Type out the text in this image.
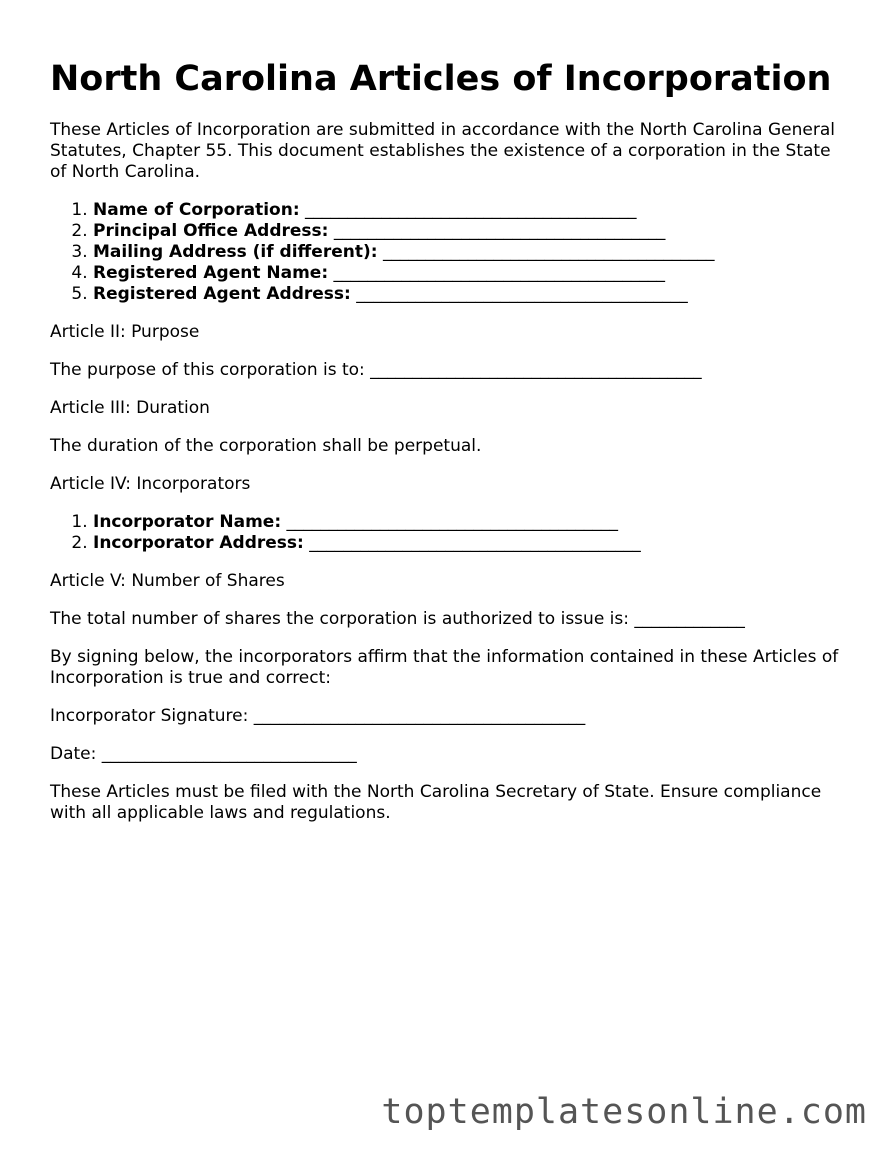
North Carolina Articles of Incorporation

These Articles of Incorporation are submitted in accordance with the North Carolina General Statutes, Chapter 55. This document establishes the existence of a corporation in the State of North Carolina.

1. Name of Corporation: _______________________________________
2. Principal Office Address: _______________________________________
3. Mailing Address (if different): _______________________________________
4. Registered Agent Name: _______________________________________
5. Registered Agent Address: _______________________________________

Article II: Purpose

The purpose of this corporation is to: _______________________________________

Article III: Duration

The duration of the corporation shall be perpetual.

Article IV: Incorporators

1. Incorporator Name: _______________________________________
2. Incorporator Address: _______________________________________

Article V: Number of Shares

The total number of shares the corporation is authorized to issue is: _____________

By signing below, the incorporators affirm that the information contained in these Articles of Incorporation is true and correct:

Incorporator Signature: _______________________________________

Date: ______________________________

These Articles must be filed with the North Carolina Secretary of State. Ensure compliance with all applicable laws and regulations.

toptemplatesonline.com
